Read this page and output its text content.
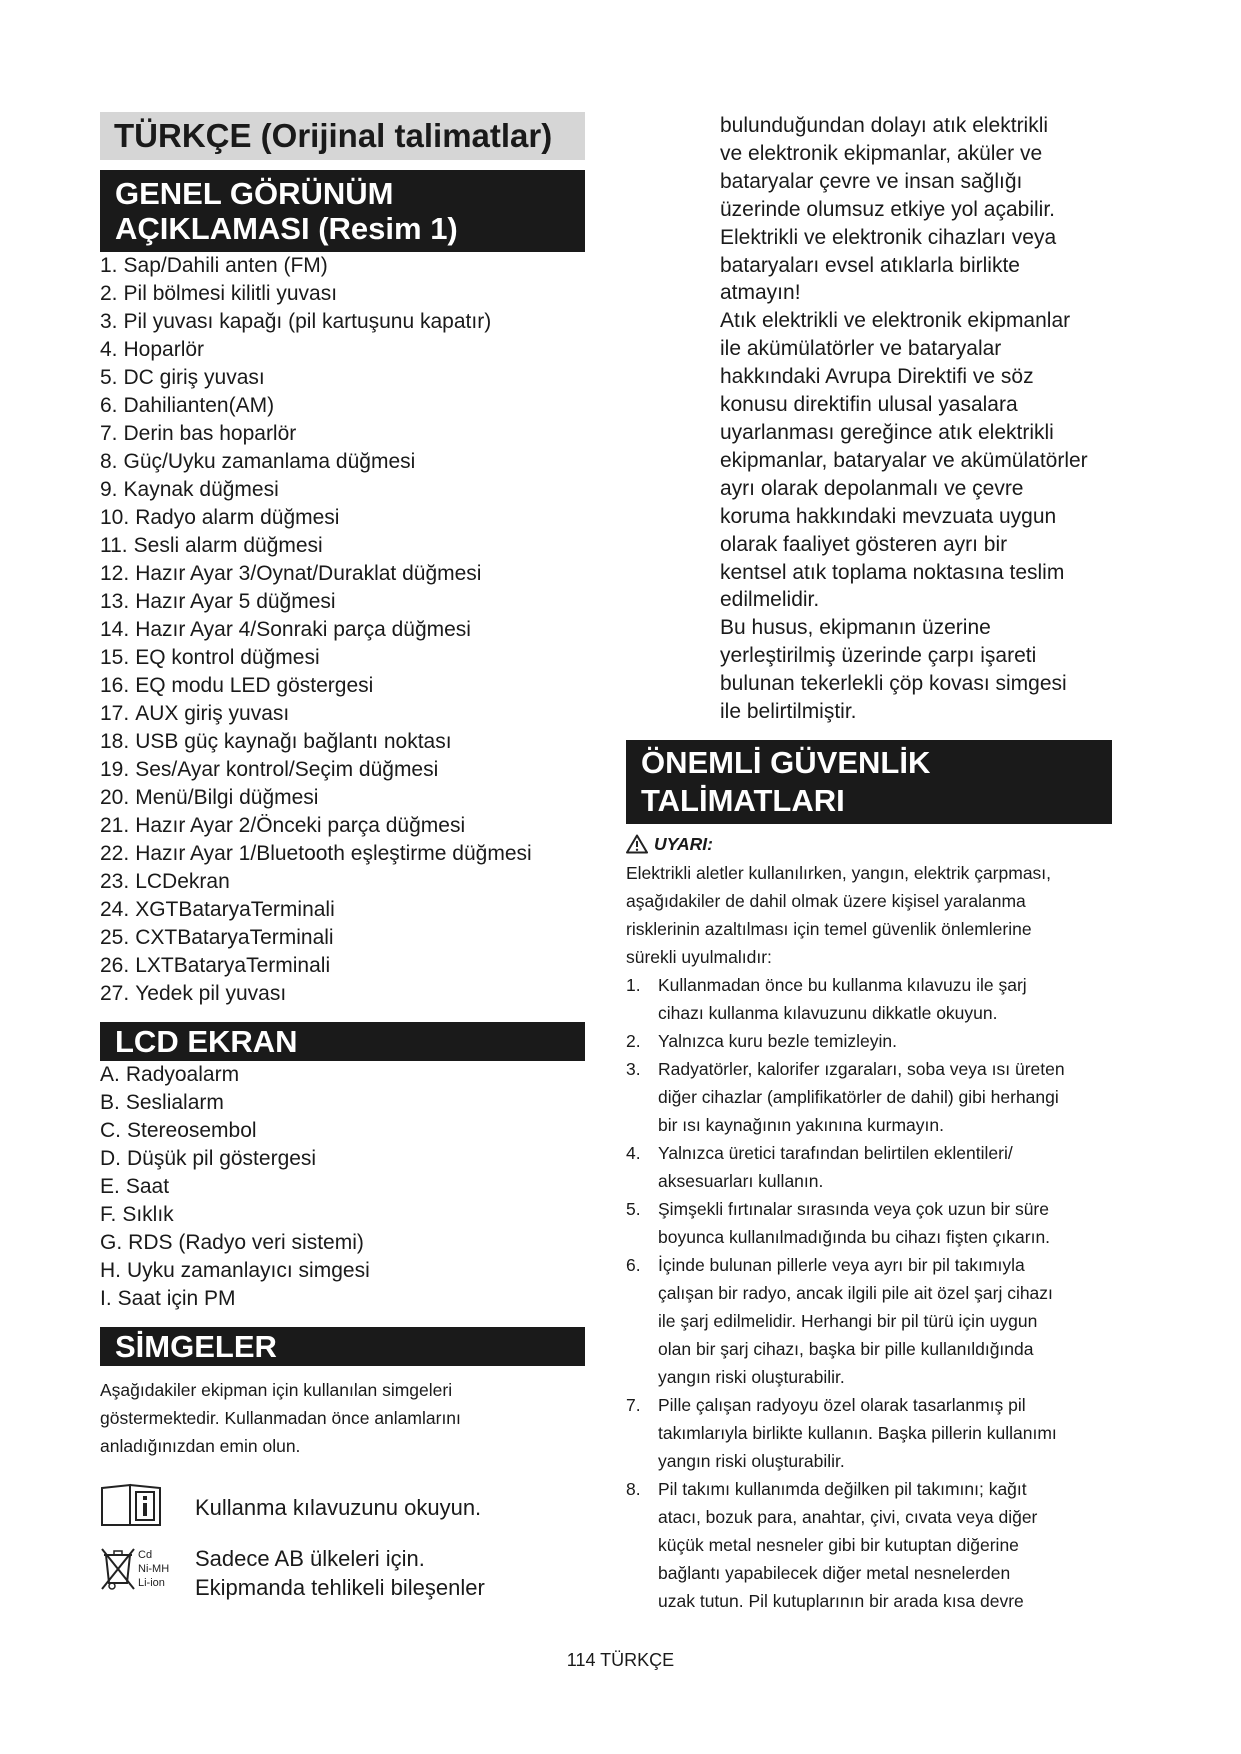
TÜRKÇE (Orijinal talimatlar)
GENEL GÖRÜNÜM
AÇIKLAMASI (Resim 1)
1. Sap/Dahili anten (FM)
2. Pil bölmesi kilitli yuvası
3. Pil yuvası kapağı (pil kartuşunu kapatır)
4. Hoparlör
5. DC giriş yuvası
6. Dahilianten(AM)
7. Derin bas hoparlör
8. Güç/Uyku zamanlama düğmesi
9. Kaynak düğmesi
10. Radyo alarm düğmesi
11. Sesli alarm düğmesi
12. Hazır Ayar 3/Oynat/Duraklat düğmesi
13. Hazır Ayar 5 düğmesi
14. Hazır Ayar 4/Sonraki parça düğmesi
15. EQ kontrol düğmesi
16. EQ modu LED göstergesi
17. AUX giriş yuvası
18. USB güç kaynağı bağlantı noktası
19. Ses/Ayar kontrol/Seçim düğmesi
20. Menü/Bilgi düğmesi
21. Hazır Ayar 2/Önceki parça düğmesi
22. Hazır Ayar 1/Bluetooth eşleştirme düğmesi
23. LCDekran
24. XGTBataryaTerminali
25. CXTBataryaTerminali
26. LXTBataryaTerminali
27. Yedek pil yuvası
LCD EKRAN
A. Radyoalarm
B. Seslialarm
C. Stereosembol
D. Düşük pil göstergesi
E. Saat
F. Sıklık
G. RDS (Radyo veri sistemi)
H. Uyku zamanlayıcı simgesi
I. Saat için PM
SİMGELER
Aşağıdakiler ekipman için kullanılan simgeleri
göstermektedir. Kullanmadan önce anlamlarını
anladığınızdan emin olun.
Kullanma kılavuzunu okuyun.
Cd
Ni-MH
Li-ion
Sadece AB ülkeleri için.
Ekipmanda tehlikeli bileşenler

bulunduğundan dolayı atık elektrikli

ve elektronik ekipmanlar, aküler ve

bataryalar çevre ve insan sağlığı

üzerinde olumsuz etkiye yol açabilir.

Elektrikli ve elektronik cihazları veya

bataryaları evsel atıklarla birlikte

atmayın!

Atık elektrikli ve elektronik ekipmanlar

ile akümülatörler ve bataryalar

hakkındaki Avrupa Direktifi ve söz

konusu direktifin ulusal yasalara

uyarlanması gereğince atık elektrikli

ekipmanlar, bataryalar ve akümülatörler

ayrı olarak depolanmalı ve çevre

koruma hakkındaki mevzuata uygun

olarak faaliyet gösteren ayrı bir

kentsel atık toplama noktasına teslim

edilmelidir.

Bu husus, ekipmanın üzerine

yerleştirilmiş üzerinde çarpı işareti

bulunan tekerlekli çöp kovası simgesi

ile belirtilmiştir.

ÖNEMLİ GÜVENLİK
TALİMATLARI
UYARI:
Elektrikli aletler kullanılırken, yangın, elektrik çarpması,
aşağıdakiler de dahil olmak üzere kişisel yaralanma
risklerinin azaltılması için temel güvenlik önlemlerine
sürekli uyulmalıdır:
1. Kullanmadan önce bu kullanma kılavuzu ile şarj
cihazı kullanma kılavuzunu dikkatle okuyun.
2. Yalnızca kuru bezle temizleyin.
3. Radyatörler, kalorifer ızgaraları, soba veya ısı üreten
diğer cihazlar (amplifikatörler de dahil) gibi herhangi
bir ısı kaynağının yakınına kurmayın.
4. Yalnızca üretici tarafından belirtilen eklentileri/
aksesuarları kullanın.
5. Şimşekli fırtınalar sırasında veya çok uzun bir süre
boyunca kullanılmadığında bu cihazı fişten çıkarın.
6. İçinde bulunan pillerle veya ayrı bir pil takımıyla
çalışan bir radyo, ancak ilgili pile ait özel şarj cihazı
ile şarj edilmelidir. Herhangi bir pil türü için uygun
olan bir şarj cihazı, başka bir pille kullanıldığında
yangın riski oluşturabilir.
7. Pille çalışan radyoyu özel olarak tasarlanmış pil
takımlarıyla birlikte kullanın. Başka pillerin kullanımı
yangın riski oluşturabilir.
8. Pil takımı kullanımda değilken pil takımını; kağıt
atacı, bozuk para, anahtar, çivi, cıvata veya diğer
küçük metal nesneler gibi bir kutuptan diğerine
bağlantı yapabilecek diğer metal nesnelerden
uzak tutun. Pil kutuplarının bir arada kısa devre
114 TÜRKÇE
